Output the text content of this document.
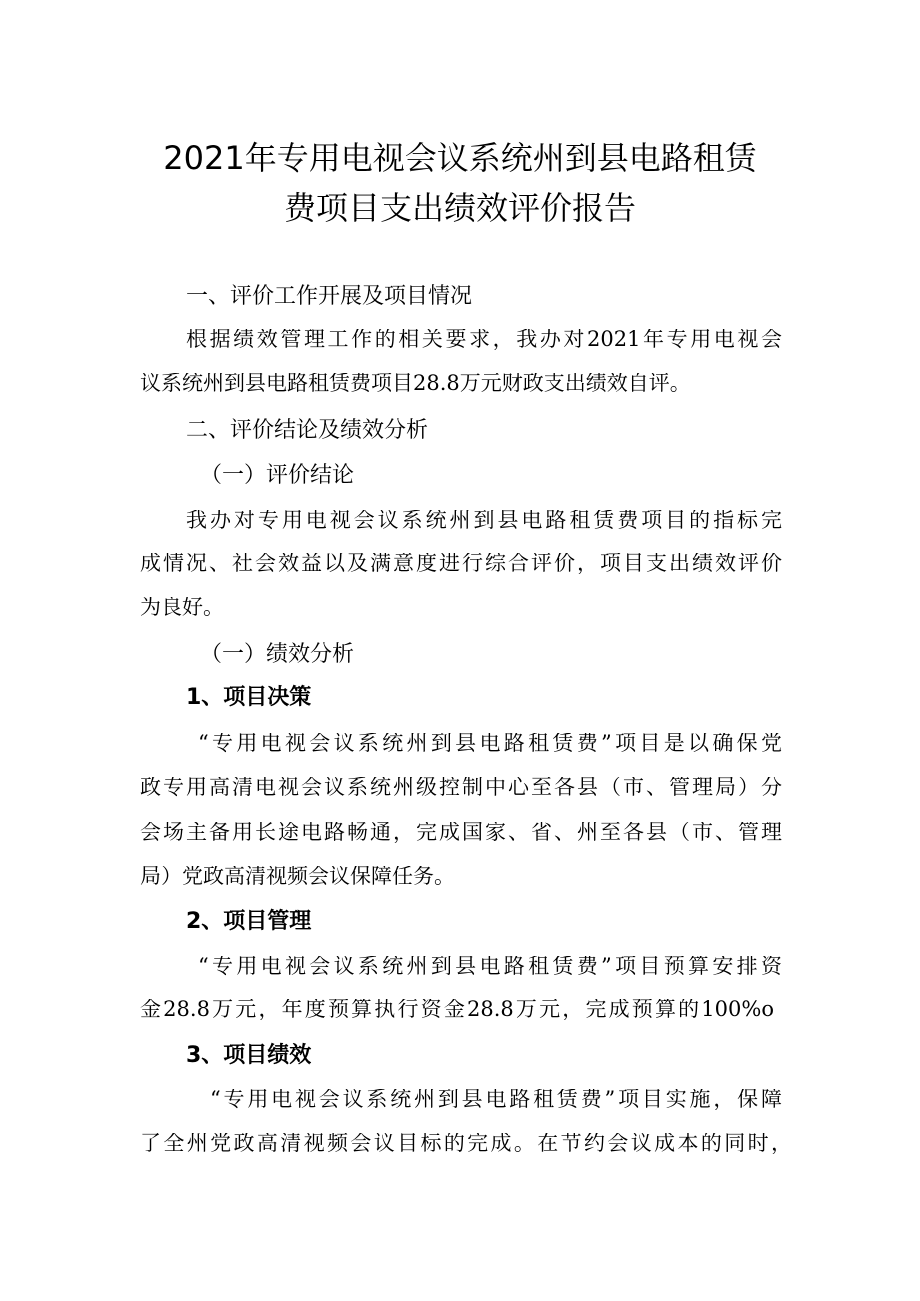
2021年专用电视会议系统州到县电路租赁
费项目支出绩效评价报告
一、评价工作开展及项目情况
根据绩效管理工作的相关要求，我办对2021年专用电视会
议系统州到县电路租赁费项目28.8万元财政支出绩效自评。
二、评价结论及绩效分析
（一）评价结论
我办对专用电视会议系统州到县电路租赁费项目的指标完
成情况、社会效益以及满意度进行综合评价，项目支出绩效评价
为良好。
（一）绩效分析
1、项目决策
“专用电视会议系统州到县电路租赁费”项目是以确保党
政专用高清电视会议系统州级控制中心至各县（市、管理局）分
会场主备用长途电路畅通，完成国家、省、州至各县（市、管理
局）党政高清视频会议保障任务。
2、项目管理
“专用电视会议系统州到县电路租赁费”项目预算安排资
金28.8万元，年度预算执行资金28.8万元，完成预算的100%o
3、项目绩效
“专用电视会议系统州到县电路租赁费”项目实施，保障
了全州党政高清视频会议目标的完成。在节约会议成本的同时，
